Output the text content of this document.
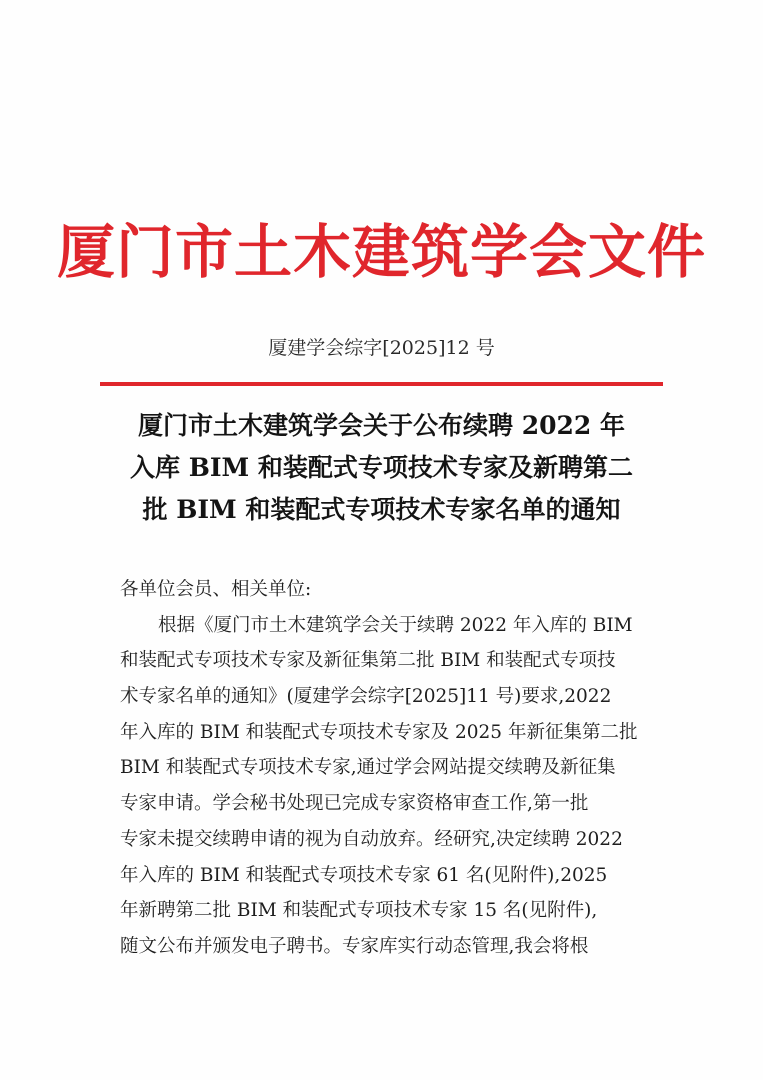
厦门市土木建筑学会文件
厦建学会综字[2025]12 号
厦门市土木建筑学会关于公布续聘 2022 年
入库 BIM 和装配式专项技术专家及新聘第二
批 BIM 和装配式专项技术专家名单的通知
各单位会员、相关单位:
根据《厦门市土木建筑学会关于续聘 2022 年入库的 BIM
和装配式专项技术专家及新征集第二批 BIM 和装配式专项技
术专家名单的通知》(厦建学会综字[2025]11 号)要求,2022
年入库的 BIM 和装配式专项技术专家及 2025 年新征集第二批
BIM 和装配式专项技术专家,通过学会网站提交续聘及新征集
专家申请。学会秘书处现已完成专家资格审查工作,第一批
专家未提交续聘申请的视为自动放弃。经研究,决定续聘 2022
年入库的 BIM 和装配式专项技术专家 61 名(见附件),2025
年新聘第二批 BIM 和装配式专项技术专家 15 名(见附件),
随文公布并颁发电子聘书。专家库实行动态管理,我会将根
